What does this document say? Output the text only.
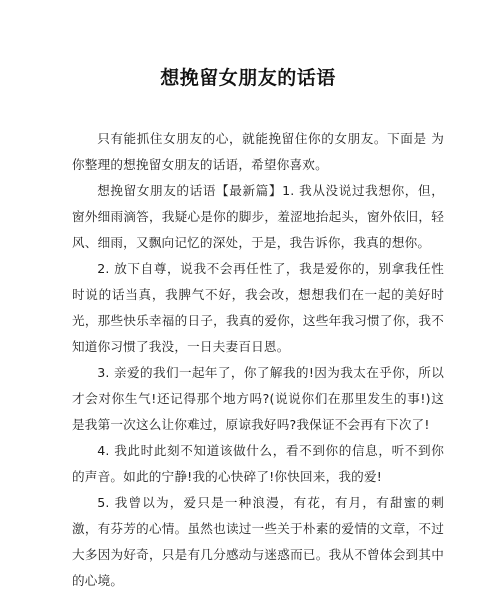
想挽留女朋友的话语

只有能抓住女朋友的心，就能挽留住你的女朋友。下面是 为你整理的想挽留女朋友的话语，希望你喜欢。

想挽留女朋友的话语【最新篇】1. 我从没说过我想你，但，窗外细雨滴答，我疑心是你的脚步，羞涩地抬起头，窗外依旧，轻风、细雨，又飘向记忆的深处，于是，我告诉你，我真的想你。

2. 放下自尊，说我不会再任性了，我是爱你的，别拿我任性时说的话当真，我脾气不好，我会改，想想我们在一起的美好时光，那些快乐幸福的日子，我真的爱你，这些年我习惯了你，我不知道你习惯了我没，一日夫妻百日恩。

3. 亲爱的我们一起年了，你了解我的!因为我太在乎你，所以才会对你生气!还记得那个地方吗?(说说你们在那里发生的事!)这是我第一次这么让你难过，原谅我好吗?我保证不会再有下次了!

4. 我此时此刻不知道该做什么，看不到你的信息，听不到你的声音。如此的宁静!我的心快碎了!你快回来，我的爱!

5. 我曾以为，爱只是一种浪漫，有花，有月，有甜蜜的刺激，有芬芳的心情。虽然也读过一些关于朴素的爱情的文章，不过大多因为好奇，只是有几分感动与迷惑而已。我从不曾体会到其中的心境。
